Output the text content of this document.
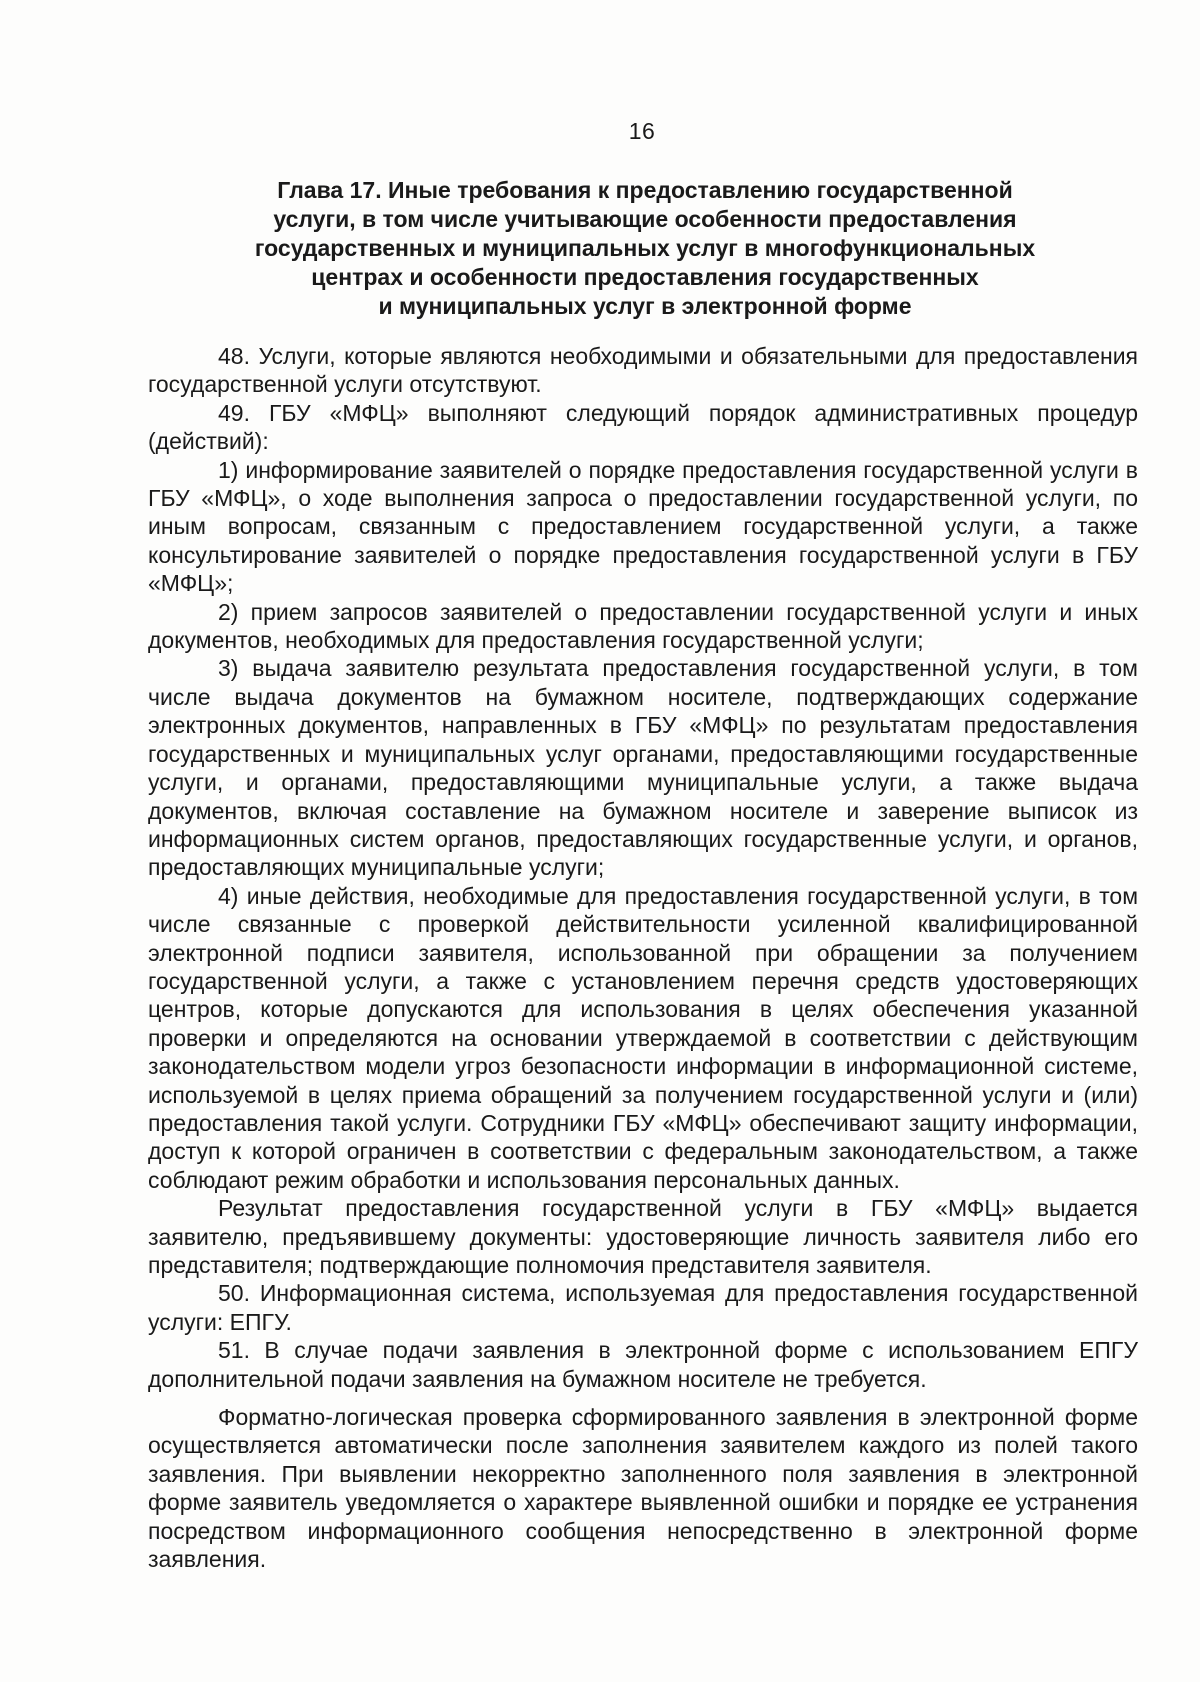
16
Глава 17. Иные требования к предоставлению государственной
услуги, в том числе учитывающие особенности предоставления
государственных и муниципальных услуг в многофункциональных
центрах и особенности предоставления государственных
и муниципальных услуг в электронной форме

48. Услуги, которые являются необходимыми и обязательными для предоставления государственной услуги отсутствуют.

49. ГБУ «МФЦ» выполняют следующий порядок административных процедур (действий):

1) информирование заявителей о порядке предоставления государственной услуги в ГБУ «МФЦ», о ходе выполнения запроса о предоставлении государственной услуги, по иным вопросам, связанным с предоставлением государственной услуги, а также консультирование заявителей о порядке предоставления государственной услуги в ГБУ «МФЦ»;

2) прием запросов заявителей о предоставлении государственной услуги и иных документов, необходимых для предоставления государственной услуги;

3) выдача заявителю результата предоставления государственной услуги, в том числе выдача документов на бумажном носителе, подтверждающих содержание электронных документов, направленных в ГБУ «МФЦ» по результатам предоставления государственных и муниципальных услуг органами, предоставляющими государственные услуги, и органами, предоставляющими муниципальные услуги, а также выдача документов, включая составление на бумажном носителе и заверение выписок из информационных систем органов, предоставляющих государственные услуги, и органов, предоставляющих муниципальные услуги;

4) иные действия, необходимые для предоставления государственной услуги, в том числе связанные с проверкой действительности усиленной квалифицированной электронной подписи заявителя, использованной при обращении за получением государственной услуги, а также с установлением перечня средств удостоверяющих центров, которые допускаются для использования в целях обеспечения указанной проверки и определяются на основании утверждаемой в соответствии с действующим законодательством модели угроз безопасности информации в информационной системе, используемой в целях приема обращений за получением государственной услуги и (или) предоставления такой услуги. Сотрудники ГБУ «МФЦ» обеспечивают защиту информации, доступ к которой ограничен в соответствии с федеральным законодательством, а также соблюдают режим обработки и использования персональных данных.

Результат предоставления государственной услуги в ГБУ «МФЦ» выдается заявителю, предъявившему документы: удостоверяющие личность заявителя либо его представителя; подтверждающие полномочия представителя заявителя.

50. Информационная система, используемая для предоставления государственной услуги: ЕПГУ.

51. В случае подачи заявления в электронной форме с использованием ЕПГУ дополнительной подачи заявления на бумажном носителе не требуется.

Форматно-логическая проверка сформированного заявления в электронной форме осуществляется автоматически после заполнения заявителем каждого из полей такого заявления. При выявлении некорректно заполненного поля заявления в электронной форме заявитель уведомляется о характере выявленной ошибки и порядке ее устранения посредством информационного сообщения непосредственно в электронной форме заявления.
